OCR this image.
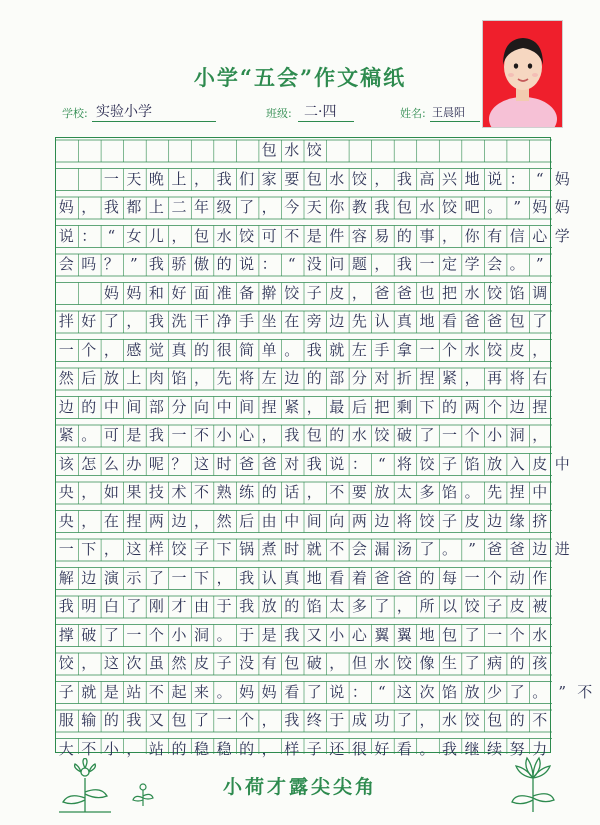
小学“五会”作文稿纸
学校: 实验小学	班级: 二·四	姓名: 王晨阳
包 水 饺
一 天 晚 上 ， 我 们 家 要 包 水 饺 ， 我 高 兴 地 说 ： “ 妈
妈 ， 我 都 上 二 年 级 了 ， 今 天 你 教 我 包 水 饺 吧 。 ” 妈 妈
说 ： “ 女 儿 ， 包 水 饺 可 不 是 件 容 易 的 事 ， 你 有 信 心 学
会 吗 ？ ” 我 骄 傲 的 说 ： “ 没 问 题 ， 我 一 定 学 会 。 ”
妈 妈 和 好 面 准 备 擀 饺 子 皮 ， 爸 爸 也 把 水 饺 馅 调
拌 好 了 ， 我 洗 干 净 手 坐 在 旁 边 先 认 真 地 看 爸 爸 包 了
一 个 ， 感 觉 真 的 很 简 单 。 我 就 左 手 拿 一 个 水 饺 皮 ，
然 后 放 上 肉 馅 ， 先 将 左 边 的 部 分 对 折 捏 紧 ， 再 将 右
边 的 中 间 部 分 向 中 间 捏 紧 ， 最 后 把 剩 下 的 两 个 边 捏
紧 。 可 是 我 一 不 小 心 ， 我 包 的 水 饺 破 了 一 个 小 洞 ，
该 怎 么 办 呢 ？ 这 时 爸 爸 对 我 说 ： “ 将 饺 子 馅 放 入 皮 中
央 ， 如 果 技 术 不 熟 练 的 话 ， 不 要 放 太 多 馅 。 先 捏 中
央 ， 在 捏 两 边 ， 然 后 由 中 间 向 两 边 将 饺 子 皮 边 缘 挤
一 下 ， 这 样 饺 子 下 锅 煮 时 就 不 会 漏 汤 了 。 ” 爸 爸 边 进
解 边 演 示 了 一 下 ， 我 认 真 地 看 着 爸 爸 的 每 一 个 动 作
我 明 白 了 刚 才 由 于 我 放 的 馅 太 多 了 ， 所 以 饺 子 皮 被
撑 破 了 一 个 小 洞 。 于 是 我 又 小 心 翼 翼 地 包 了 一 个 水
饺 ， 这 次 虽 然 皮 子 没 有 包 破 ， 但 水 饺 像 生 了 病 的 孩
子 就 是 站 不 起 来 。 妈 妈 看 了 说 ： “ 这 次 馅 放 少 了 。 ” 不
服 输 的 我 又 包 了 一 个 ， 我 终 于 成 功 了 ， 水 饺 包 的 不
大 不 小 ， 站 的 稳 稳 的 ， 样 子 还 很 好 看 。 我 继 续 努 力
小荷才露尖尖角
